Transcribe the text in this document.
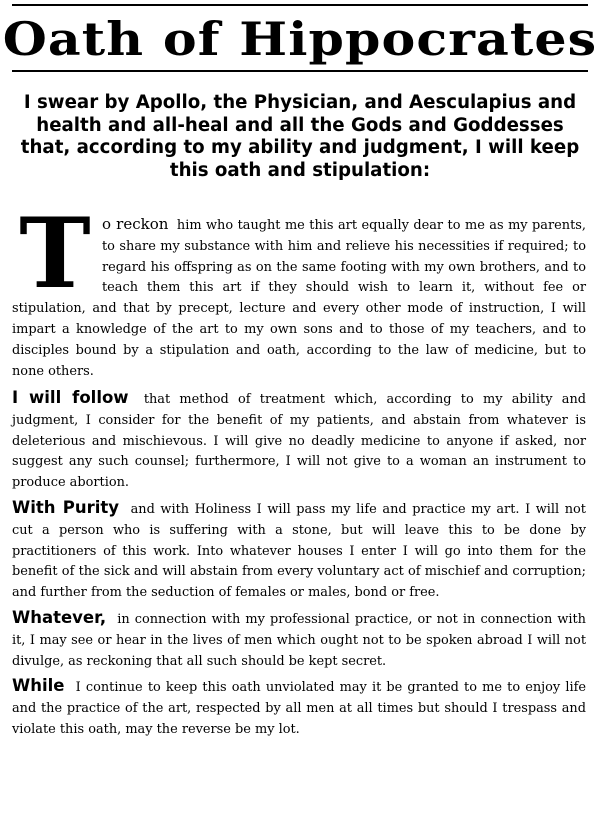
Oath of Hippocrates
I swear by Apollo, the Physician, and Aesculapius and health and all-heal and all the Gods and Goddesses that, according to my ability and judgment, I will keep this oath and stipulation:

To reckon him who taught me this art equally dear to me as my parents, to share my substance with him and relieve his necessities if required; to regard his offspring as on the same footing with my own brothers, and to teach them this art if they should wish to learn it, without fee or stipulation, and that by precept, lecture and every other mode of instruction, I will impart a knowledge of the art to my own sons and to those of my teachers, and to disciples bound by a stipulation and oath, according to the law of medicine, but to none others.

I will follow that method of treatment which, according to my ability and judgment, I consider for the benefit of my patients, and abstain from whatever is deleterious and mischievous. I will give no deadly medicine to anyone if asked, nor suggest any such counsel; furthermore, I will not give to a woman an instrument to produce abortion.

With Purity and with Holiness I will pass my life and practice my art. I will not cut a person who is suffering with a stone, but will leave this to be done by practitioners of this work. Into whatever houses I enter I will go into them for the benefit of the sick and will abstain from every voluntary act of mischief and corruption; and further from the seduction of females or males, bond or free.

Whatever, in connection with my professional practice, or not in connection with it, I may see or hear in the lives of men which ought not to be spoken abroad I will not divulge, as reckoning that all such should be kept secret.

While I continue to keep this oath unviolated may it be granted to me to enjoy life and the practice of the art, respected by all men at all times but should I trespass and violate this oath, may the reverse be my lot.
